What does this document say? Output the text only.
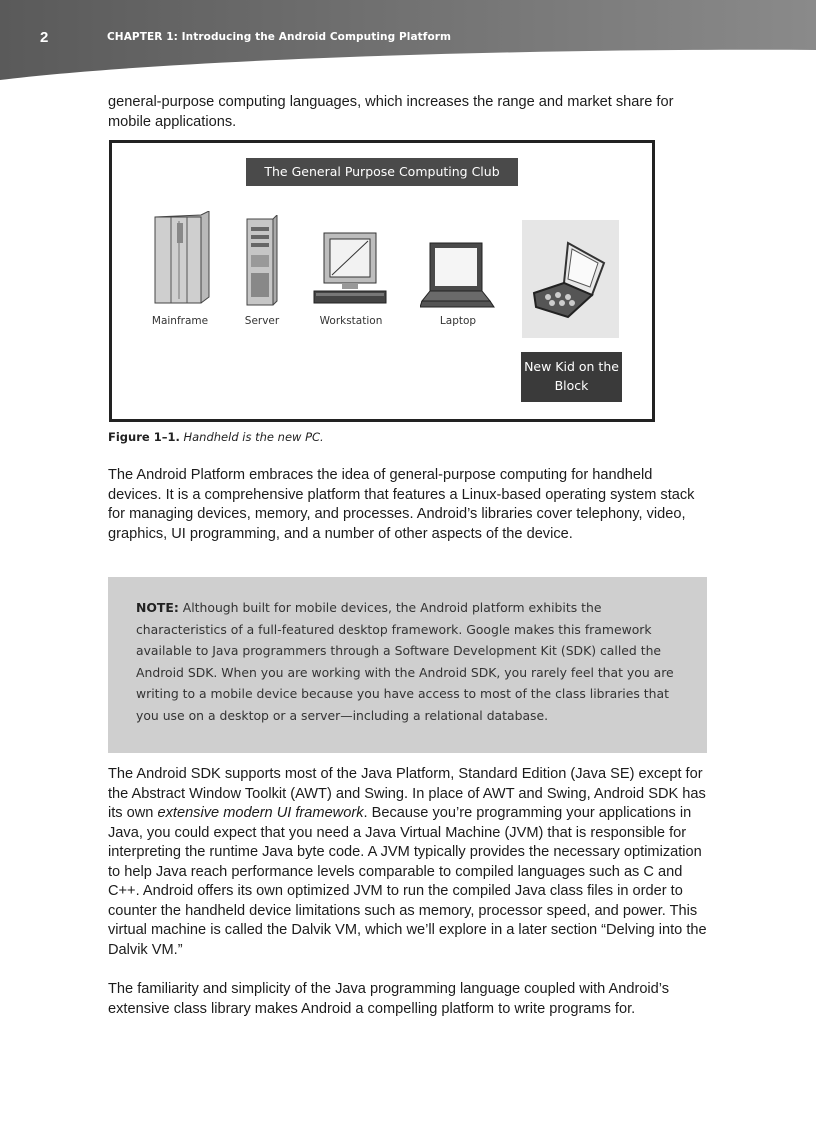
2	CHAPTER 1: Introducing the Android Computing Platform

general-purpose computing languages, which increases the range and market share for mobile applications.

The General Purpose Computing Club
Mainframe	Server	Workstation	Laptop
New Kid on the Block
Figure 1–1. Handheld is the new PC.

The Android Platform embraces the idea of general-purpose computing for handheld devices. It is a comprehensive platform that features a Linux-based operating system stack for managing devices, memory, and processes. Android’s libraries cover telephony, video, graphics, UI programming, and a number of other aspects of the device.

NOTE: Although built for mobile devices, the Android platform exhibits the characteristics of a full-featured desktop framework. Google makes this framework available to Java programmers through a Software Development Kit (SDK) called the Android SDK. When you are working with the Android SDK, you rarely feel that you are writing to a mobile device because you have access to most of the class libraries that you use on a desktop or a server—including a relational database.

The Android SDK supports most of the Java Platform, Standard Edition (Java SE) except for the Abstract Window Toolkit (AWT) and Swing. In place of AWT and Swing, Android SDK has its own extensive modern UI framework. Because you’re programming your applications in Java, you could expect that you need a Java Virtual Machine (JVM) that is responsible for interpreting the runtime Java byte code. A JVM typically provides the necessary optimization to help Java reach performance levels comparable to compiled languages such as C and C++. Android offers its own optimized JVM to run the compiled Java class files in order to counter the handheld device limitations such as memory, processor speed, and power. This virtual machine is called the Dalvik VM, which we’ll explore in a later section “Delving into the Dalvik VM.”

The familiarity and simplicity of the Java programming language coupled with Android’s extensive class library makes Android a compelling platform to write programs for.
